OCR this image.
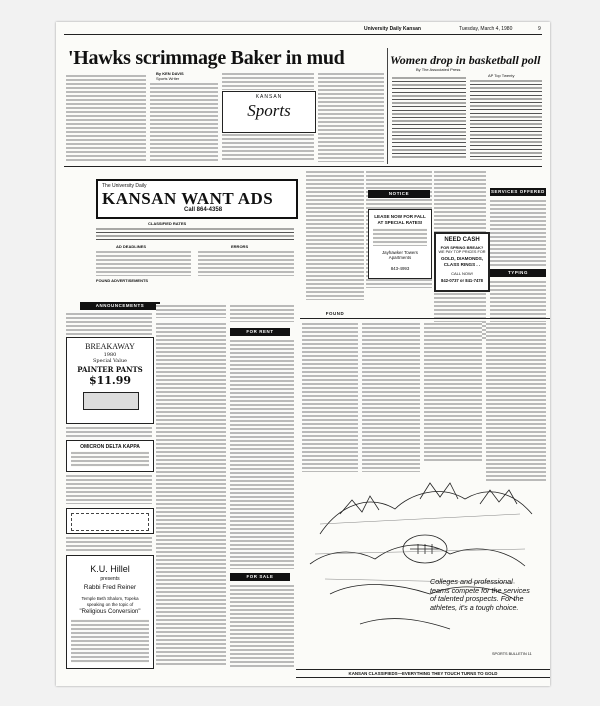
University Daily Kansan	Tuesday, March 4, 1980	9
'Hawks scrimmage Baker in mud
By KEN DAVIS
Sports Writer
KANSAN
Sports
Women drop in basketball poll
By The Associated Press
AP Top Twenty
The University Daily
KANSAN WANT ADS
Call 864-4358
CLASSIFIED RATES
AD DEADLINES	ERRORS
FOUND ADVERTISEMENTS
ANNOUNCEMENTS
BREAKAWAY
1980
Special Value
PAINTER PANTS
$11.99
OMICRON DELTA KAPPA
K.U. Hillel
presents
Rabbi Fred Reiner
Temple Beth Shalom, Topeka
speaking on the topic of
"Religious Conversion"
FOR RENT
FOR SALE
FOUND
NOTICE
LEASE NOW FOR FALL
AT SPECIAL RATES!
Jayhawker Towers Apartments
843-4993
NEED CASH
FOR SPRING BREAK?
WE PAY TOP PRICES FOR
GOLD, DIAMONDS,
CLASS RINGS . .
CALL NOW!
842-0737 or 841-7478
SERVICES OFFERED
TYPING
Colleges and professional teams compete for the services of talented prospects. For the athletes, it's a tough choice.
SPORTS BULLETIN 11
KANSAN CLASSIFIEDS—EVERYTHING THEY TOUCH TURNS TO GOLD
